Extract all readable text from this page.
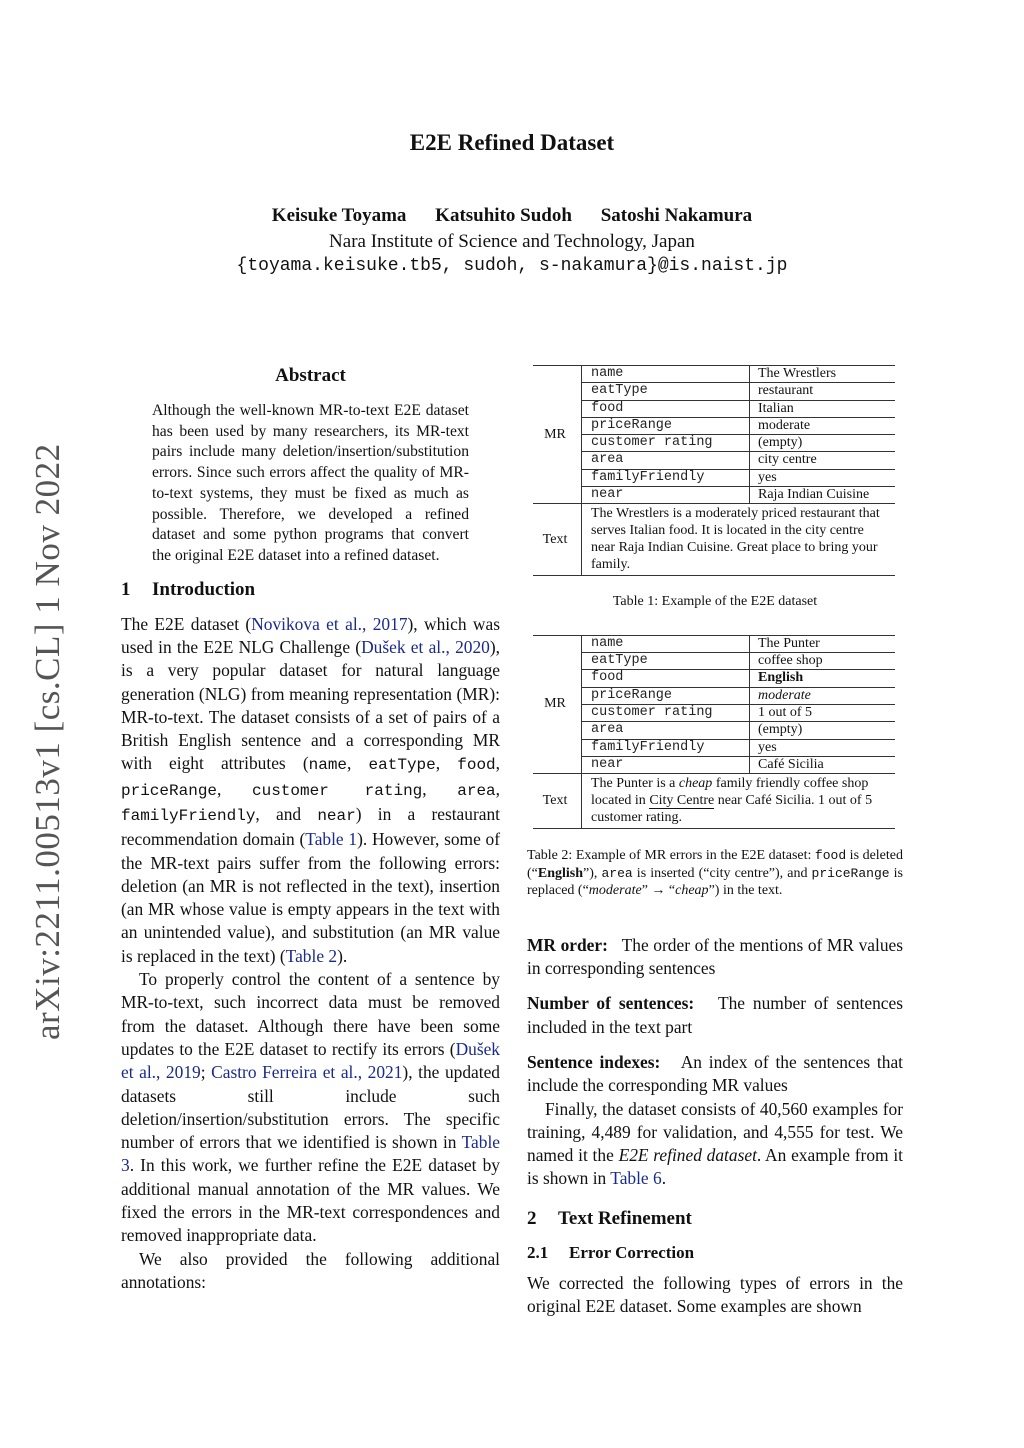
E2E Refined Dataset
Keisuke Toyama Katsuhito Sudoh Satoshi Nakamura
Nara Institute of Science and Technology, Japan
{toyama.keisuke.tb5, sudoh, s-nakamura}@is.naist.jp
arXiv:2211.00513v1 [cs.CL] 1 Nov 2022
Abstract

Although the well-known MR-to-text E2E dataset has been used by many researchers, its MR-text pairs include many deletion/insertion/substitution errors. Since such errors affect the quality of MR-to-text systems, they must be fixed as much as possible. Therefore, we developed a refined dataset and some python programs that convert the original E2E dataset into a refined dataset.

1 Introduction

The E2E dataset (Novikova et al., 2017), which was used in the E2E NLG Challenge (Dušek et al., 2020), is a very popular dataset for natural language generation (NLG) from meaning representation (MR): MR-to-text. The dataset consists of a set of pairs of a British English sentence and a corresponding MR with eight attributes (name, eatType, food, priceRange, customer rating, area, familyFriendly, and near) in a restaurant recommendation domain (Table 1). However, some of the MR-text pairs suffer from the following errors: deletion (an MR is not reflected in the text), insertion (an MR whose value is empty appears in the text with an unintended value), and substitution (an MR value is replaced in the text) (Table 2).

To properly control the content of a sentence by MR-to-text, such incorrect data must be removed from the dataset. Although there have been some updates to the E2E dataset to rectify its errors (Dušek et al., 2019; Castro Ferreira et al., 2021), the updated datasets still include such deletion/insertion/substitution errors. The specific number of errors that we identified is shown in Table 3. In this work, we further refine the E2E dataset by additional manual annotation of the MR values. We fixed the errors in the MR-text correspondences and removed inappropriate data.

We also provided the following additional annotations:

MR	name	The Wrestlers
	eatType	restaurant
	food	Italian
	priceRange	moderate
	customer rating	(empty)
	area	city centre
	familyFriendly	yes
	near	Raja Indian Cuisine
Text	The Wrestlers is a moderately priced restaurant that serves Italian food. It is located in the city centre near Raja Indian Cuisine. Great place to bring your family.	
Table 1: Example of the E2E dataset
MR	name	The Punter
	eatType	coffee shop
	food	English
	priceRange	moderate
	customer rating	1 out of 5
	area	(empty)
	familyFriendly	yes
	near	Café Sicilia
Text	The Punter is a cheap family friendly coffee shop located in City Centre near Café Sicilia. 1 out of 5 customer rating.	
Table 2: Example of MR errors in the E2E dataset: food is deleted (“English”), area is inserted (“city centre”), and priceRange is replaced (“moderate” → “cheap”) in the text.

MR order: The order of the mentions of MR values in corresponding sentences

Number of sentences: The number of sentences included in the text part

Sentence indexes: An index of the sentences that include the corresponding MR values

Finally, the dataset consists of 40,560 examples for training, 4,489 for validation, and 4,555 for test. We named it the E2E refined dataset. An example from it is shown in Table 6.

2 Text Refinement
2.1 Error Correction

We corrected the following types of errors in the original E2E dataset. Some examples are shown
